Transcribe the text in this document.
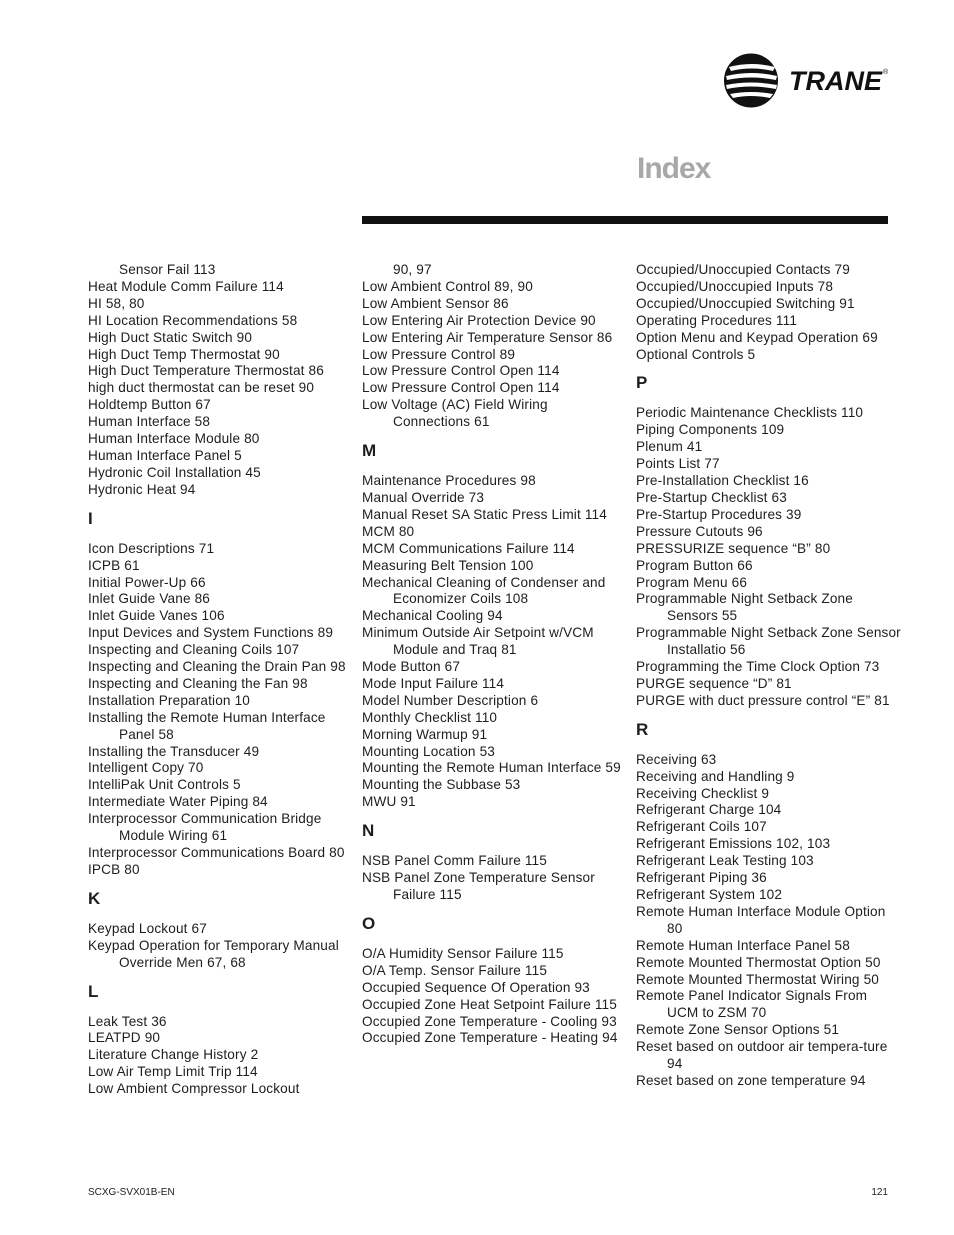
TRANE ®
Index
Sensor Fail 113
Heat Module Comm Failure 114
HI 58, 80
HI Location Recommendations 58
High Duct Static Switch 90
High Duct Temp Thermostat 90
High Duct Temperature Thermostat 86
high duct thermostat can be reset 90
Holdtemp Button 67
Human Interface 58
Human Interface Module 80
Human Interface Panel 5
Hydronic Coil Installation 45
Hydronic Heat 94
I
Icon Descriptions 71
ICPB 61
Initial Power-Up 66
Inlet Guide Vane 86
Inlet Guide Vanes 106
Input Devices and System Functions 89
Inspecting and Cleaning Coils 107
Inspecting and Cleaning the Drain Pan 98
Inspecting and Cleaning the Fan 98
Installation Preparation 10
Installing the Remote Human Interface Panel 58
Installing the Transducer 49
Intelligent Copy 70
IntelliPak Unit Controls 5
Intermediate Water Piping 84
Interprocessor Communication Bridge Module Wiring 61
Interprocessor Communications Board 80
IPCB 80
K
Keypad Lockout 67
Keypad Operation for Temporary Manual Override Men 67, 68
L
Leak Test 36
LEATPD 90
Literature Change History 2
Low Air Temp Limit Trip 114
Low Ambient Compressor Lockout
90, 97
Low Ambient Control 89, 90
Low Ambient Sensor 86
Low Entering Air Protection Device 90
Low Entering Air Temperature Sensor 86
Low Pressure Control 89
Low Pressure Control Open 114
Low Pressure Control Open 114
Low Voltage (AC) Field Wiring Connections 61
M
Maintenance Procedures 98
Manual Override 73
Manual Reset SA Static Press Limit 114
MCM 80
MCM Communications Failure 114
Measuring Belt Tension 100
Mechanical Cleaning of Condenser and Economizer Coils 108
Mechanical Cooling 94
Minimum Outside Air Setpoint w/VCM Module and Traq 81
Mode Button 67
Mode Input Failure 114
Model Number Description 6
Monthly Checklist 110
Morning Warmup 91
Mounting Location 53
Mounting the Remote Human Interface 59
Mounting the Subbase 53
MWU 91
N
NSB Panel Comm Failure 115
NSB Panel Zone Temperature Sensor Failure 115
O
O/A Humidity Sensor Failure 115
O/A Temp. Sensor Failure 115
Occupied Sequence Of Operation 93
Occupied Zone Heat Setpoint Failure 115
Occupied Zone Temperature - Cooling 93
Occupied Zone Temperature - Heating 94
Occupied/Unoccupied Contacts 79
Occupied/Unoccupied Inputs 78
Occupied/Unoccupied Switching 91
Operating Procedures 111
Option Menu and Keypad Operation 69
Optional Controls 5
P
Periodic Maintenance Checklists 110
Piping Components 109
Plenum 41
Points List 77
Pre-Installation Checklist 16
Pre-Startup Checklist 63
Pre-Startup Procedures 39
Pressure Cutouts 96
PRESSURIZE sequence “B” 80
Program Button 66
Program Menu 66
Programmable Night Setback Zone Sensors 55
Programmable Night Setback Zone Sensor Installatio 56
Programming the Time Clock Option 73
PURGE sequence “D” 81
PURGE with duct pressure control “E” 81
R
Receiving 63
Receiving and Handling 9
Receiving Checklist 9
Refrigerant Charge 104
Refrigerant Coils 107
Refrigerant Emissions 102, 103
Refrigerant Leak Testing 103
Refrigerant Piping 36
Refrigerant System 102
Remote Human Interface Module Option 80
Remote Human Interface Panel 58
Remote Mounted Thermostat Option 50
Remote Mounted Thermostat Wiring 50
Remote Panel Indicator Signals From UCM to ZSM 70
Remote Zone Sensor Options 51
Reset based on outdoor air tempera-ture 94
Reset based on zone temperature 94
SCXG-SVX01B-EN	121
